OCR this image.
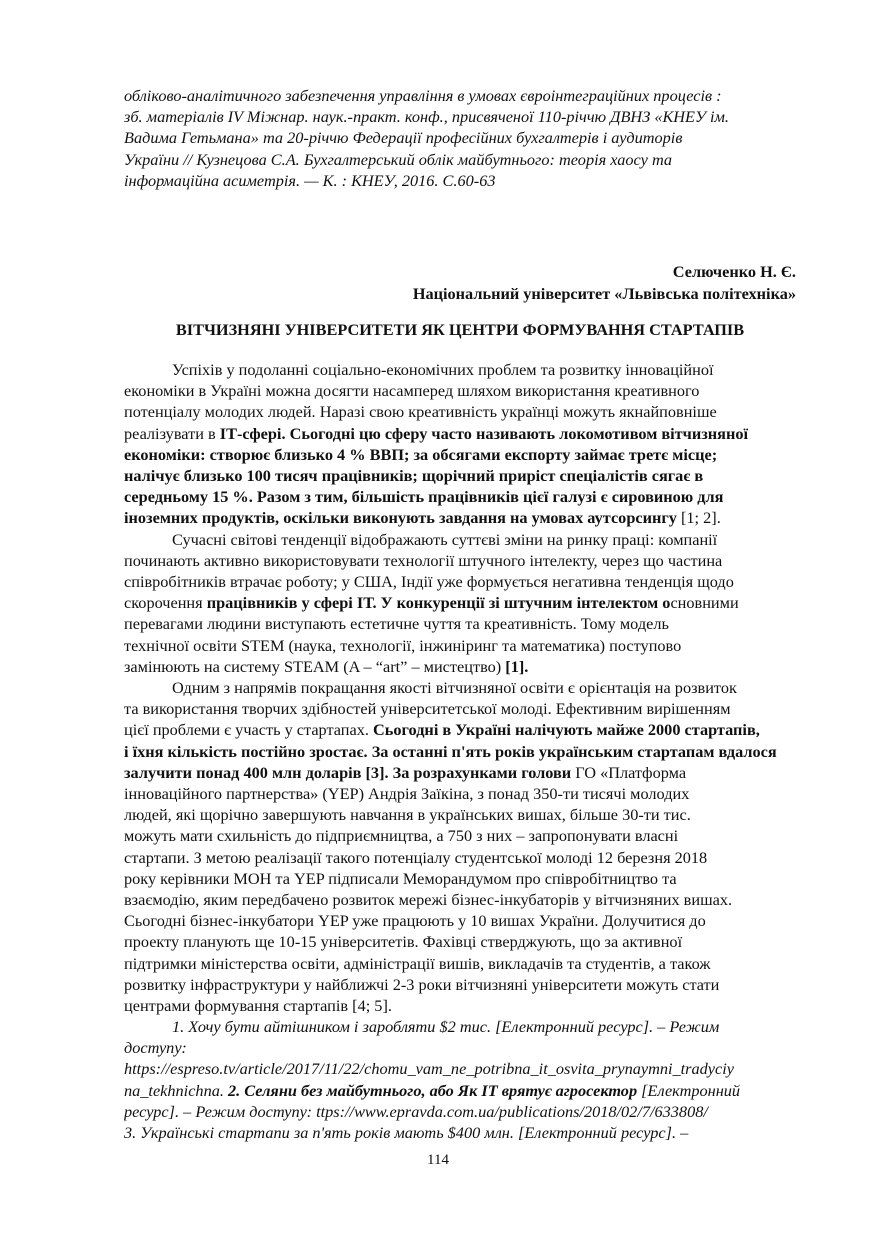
обліково-аналітичного забезпечення управління в умовах євроінтеграційних процесів :
зб. матеріалів IV Міжнар. наук.-практ. конф., присвяченої 110-річчю ДВНЗ «КНЕУ ім.
Вадима Гетьмана» та 20-річчю Федерації професійних бухгалтерів і аудиторів
України // Кузнецова С.А. Бухгалтерський облік майбутнього: теорія хаосу та
інформаційна асиметрія. — К. : КНЕУ, 2016. С.60-63
Селюченко Н. Є.
Національний університет «Львівська політехніка»
ВІТЧИЗНЯНІ УНІВЕРСИТЕТИ ЯК ЦЕНТРИ ФОРМУВАННЯ СТАРТАПІВ
Успіхів у подоланні соціально-економічних проблем та розвитку інноваційної
економіки в Україні можна досягти насамперед шляхом використання креативного
потенціалу молодих людей. Наразі свою креативність українці можуть якнайповніше
реалізувати в ІТ-сфері. Сьогодні цю сферу часто називають локомотивом вітчизняної
економіки: створює близько 4 % ВВП; за обсягами експорту займає третє місце;
налічує близько 100 тисяч працівників; щорічний приріст спеціалістів сягає в
середньому 15 %. Разом з тим, більшість працівників цієї галузі є сировиною для
іноземних продуктів, оскільки виконують завдання на умовах аутсорсингу [1; 2].
Сучасні світові тенденції відображають суттєві зміни на ринку праці: компанії
починають активно використовувати технології штучного інтелекту, через що частина
співробітників втрачає роботу; у США, Індії уже формується негативна тенденція щодо
скорочення працівників у сфері ІТ. У конкуренції зі штучним інтелектом основними
перевагами людини виступають естетичне чуття та креативність. Тому модель
технічної освіти STEM (наука, технології, інжиніринг та математика) поступово
замінюють на систему STEAM (A – “art” – мистецтво) [1].
Одним з напрямів покращання якості вітчизняної освіти є орієнтація на розвиток
та використання творчих здібностей університетської молоді. Ефективним вирішенням
цієї проблеми є участь у стартапах. Сьогодні в Україні налічують майже 2000 стартапів,
і їхня кількість постійно зростає. За останні п'ять років українським стартапам вдалося
залучити понад 400 млн доларів [3]. За розрахунками голови ГО «Платформа
інноваційного партнерства» (YEP) Андрія Заїкіна, з понад 350-ти тисячі молодих
людей, які щорічно завершують навчання в українських вишах, більше 30-ти тис.
можуть мати схильність до підприємництва, а 750 з них – запропонувати власні
стартапи. З метою реалізації такого потенціалу студентської молоді 12 березня 2018
року керівники МОН та YEP підписали Меморандумом про співробітництво та
взаємодію, яким передбачено розвиток мережі бізнес-інкубаторів у вітчизняних вишах.
Сьогодні бізнес-інкубатори YEP уже працюють у 10 вишах України. Долучитися до
проекту планують ще 10-15 університетів. Фахівці стверджують, що за активної
підтримки міністерства освіти, адміністрації вишів, викладачів та студентів, а також
розвитку інфраструктури у найближчі 2-3 роки вітчизняні університети можуть стати
центрами формування стартапів [4; 5].
1. Хочу бути айтішником і заробляти $2 тис. [Електронний ресурс]. – Режим
доступу:
https://espreso.tv/article/2017/11/22/chomu_vam_ne_potribna_it_osvita_prynaymni_tradyciy
na_tekhnichna. 2. Селяни без майбутнього, або Як ІТ врятує агросектор [Електронний
ресурс]. – Режим доступу: ttps://www.epravda.com.ua/publications/2018/02/7/633808/
3. Українські стартапи за п'ять років мають $400 млн. [Електронний ресурс]. –
114
